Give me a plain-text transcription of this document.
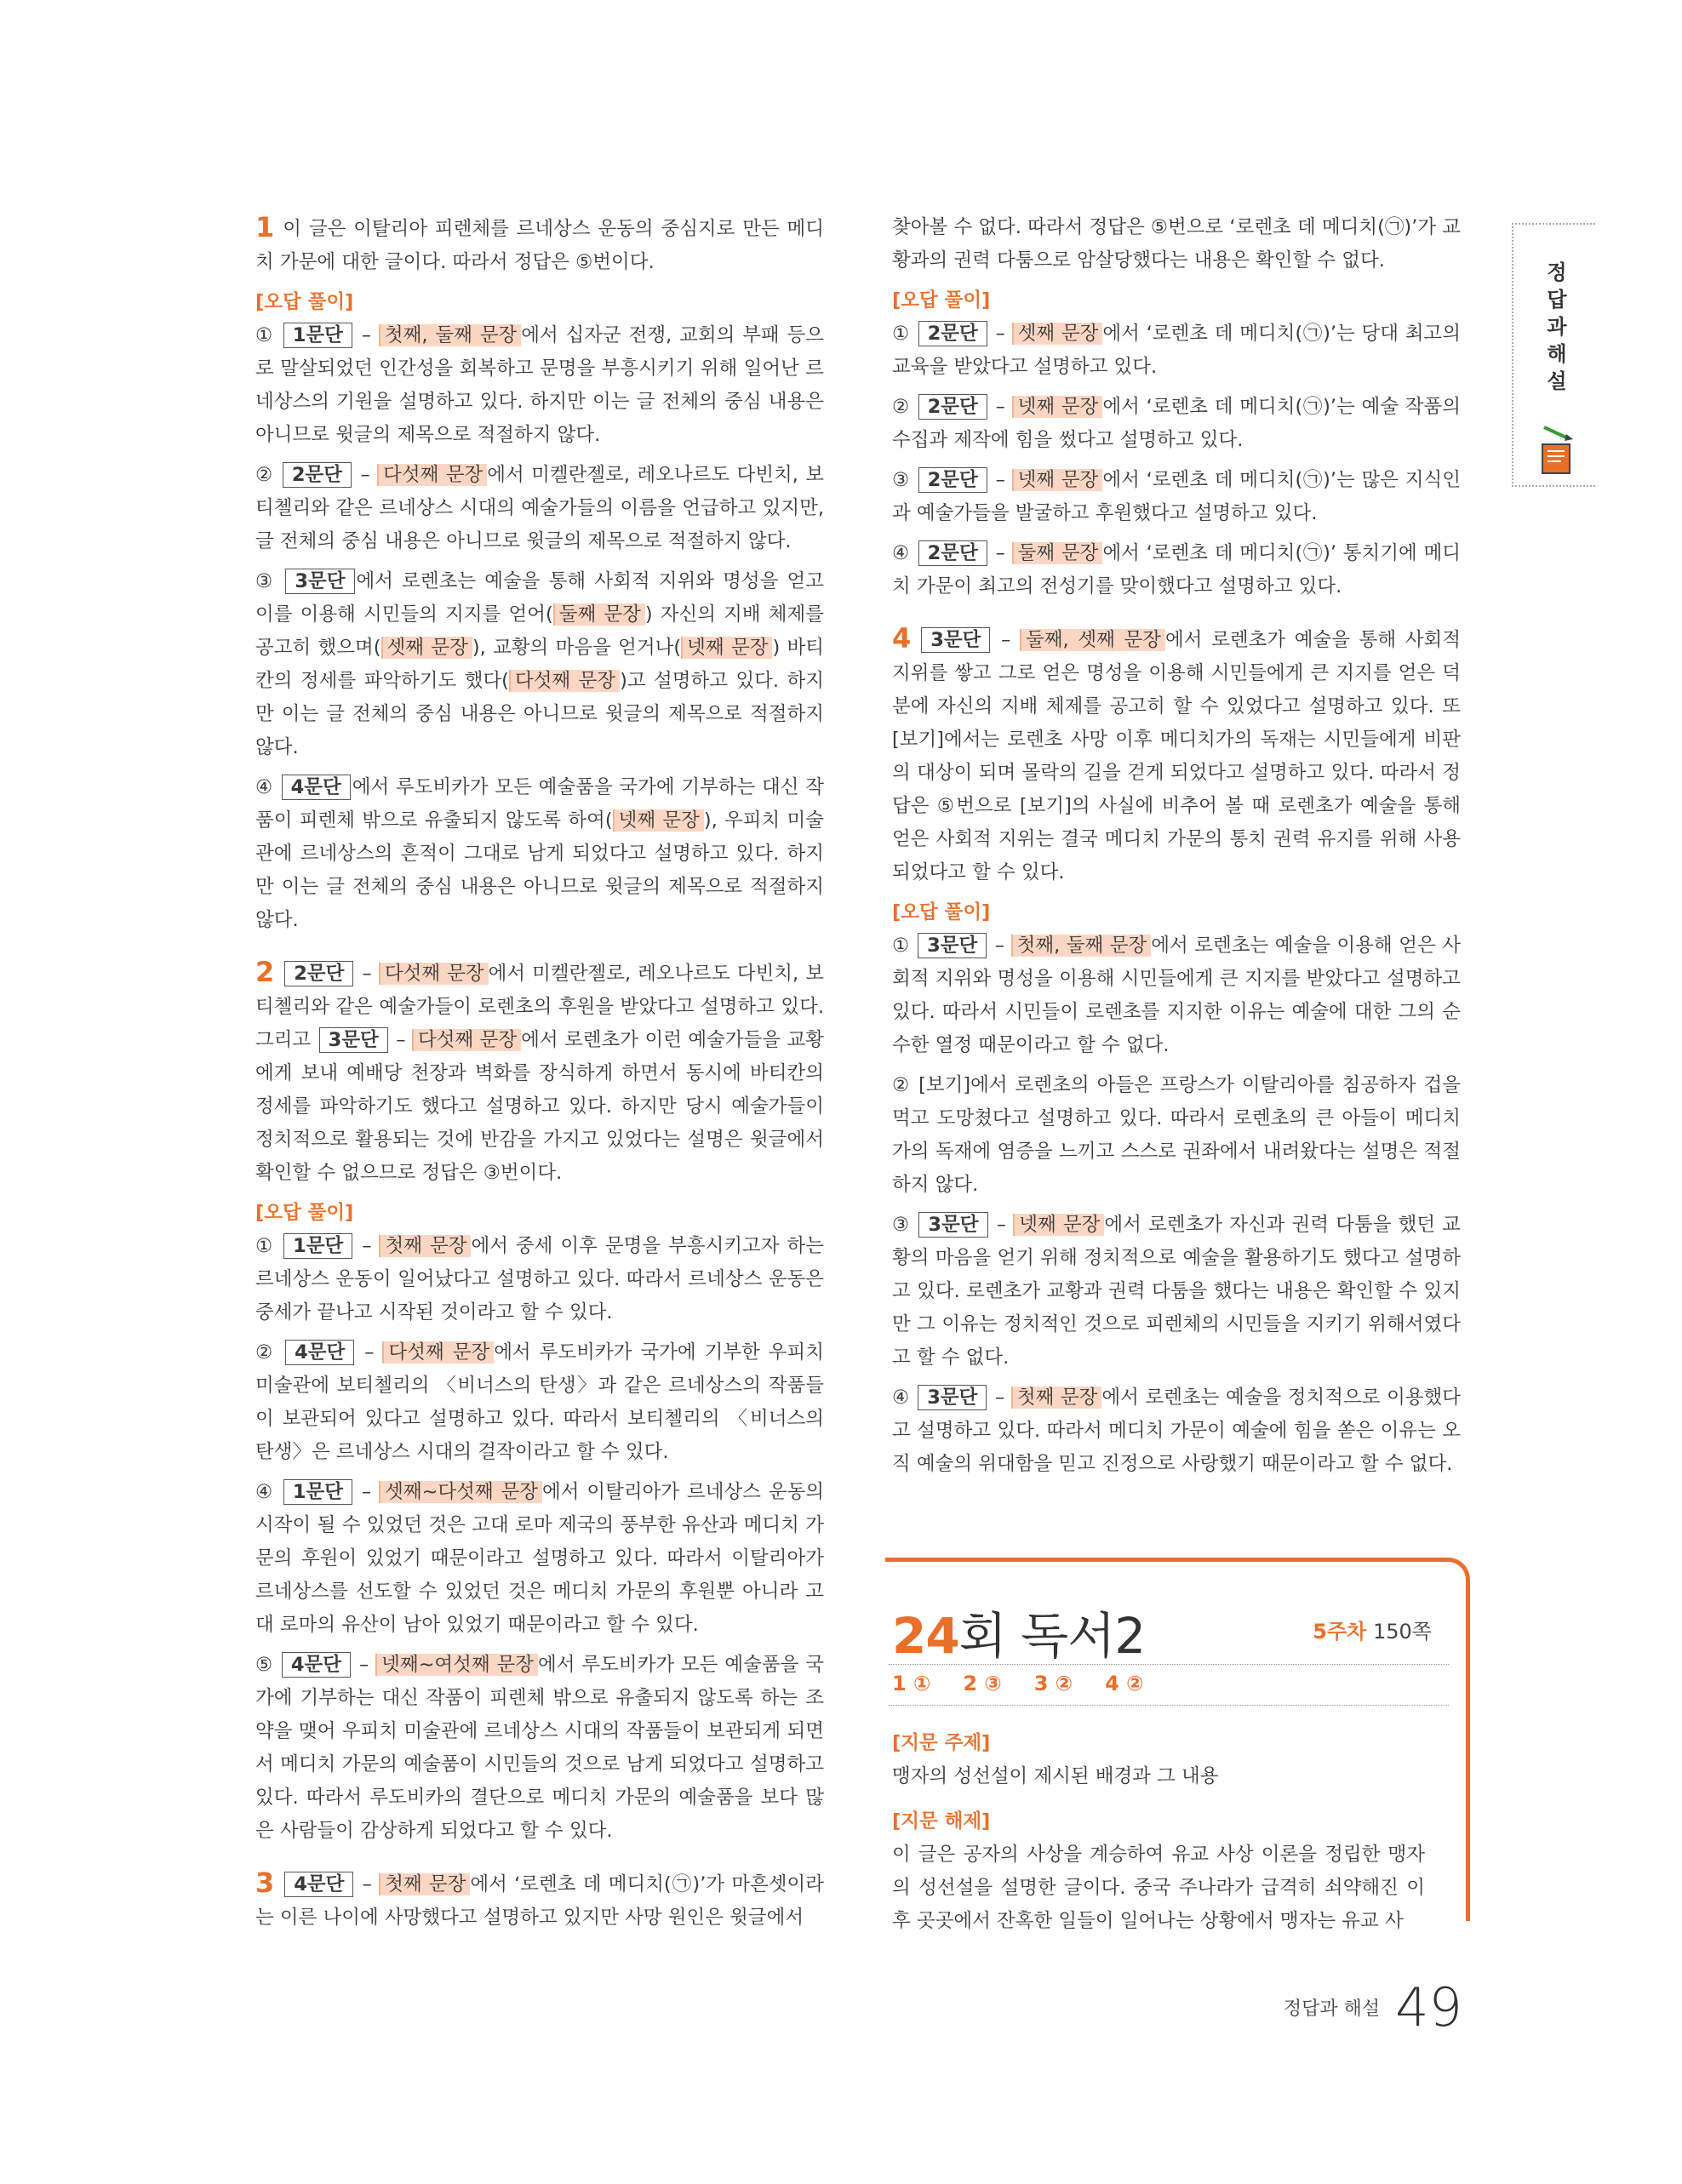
1 이 글은 이탈리아 피렌체를 르네상스 운동의 중심지로 만든 메디치 가문에 대한 글이다. 따라서 정답은 ⑤번이다.

[오답 풀이]

① 1문단 – 첫째, 둘째 문장 에서 십자군 전쟁, 교회의 부패 등으로 말살되었던 인간성을 회복하고 문명을 부흥시키기 위해 일어난 르네상스의 기원을 설명하고 있다. 하지만 이는 글 전체의 중심 내용은 아니므로 윗글의 제목으로 적절하지 않다.

② 2문단 – 다섯째 문장 에서 미켈란젤로, 레오나르도 다빈치, 보티첼리와 같은 르네상스 시대의 예술가들의 이름을 언급하고 있지만, 글 전체의 중심 내용은 아니므로 윗글의 제목으로 적절하지 않다.

③ 3문단 에서 로렌초는 예술을 통해 사회적 지위와 명성을 얻고 이를 이용해 시민들의 지지를 얻어( 둘째 문장 ) 자신의 지배 체제를 공고히 했으며( 셋째 문장 ), 교황의 마음을 얻거나( 넷째 문장 ) 바티칸의 정세를 파악하기도 했다( 다섯째 문장 )고 설명하고 있다. 하지만 이는 글 전체의 중심 내용은 아니므로 윗글의 제목으로 적절하지 않다.

④ 4문단 에서 루도비카가 모든 예술품을 국가에 기부하는 대신 작품이 피렌체 밖으로 유출되지 않도록 하여( 넷째 문장 ), 우피치 미술관에 르네상스의 흔적이 그대로 남게 되었다고 설명하고 있다. 하지만 이는 글 전체의 중심 내용은 아니므로 윗글의 제목으로 적절하지 않다.

2 2문단 – 다섯째 문장 에서 미켈란젤로, 레오나르도 다빈치, 보티첼리와 같은 예술가들이 로렌초의 후원을 받았다고 설명하고 있다. 그리고 3문단 – 다섯째 문장 에서 로렌초가 이런 예술가들을 교황에게 보내 예배당 천장과 벽화를 장식하게 하면서 동시에 바티칸의 정세를 파악하기도 했다고 설명하고 있다. 하지만 당시 예술가들이 정치적으로 활용되는 것에 반감을 가지고 있었다는 설명은 윗글에서 확인할 수 없으므로 정답은 ③번이다.

[오답 풀이]

① 1문단 – 첫째 문장 에서 중세 이후 문명을 부흥시키고자 하는 르네상스 운동이 일어났다고 설명하고 있다. 따라서 르네상스 운동은 중세가 끝나고 시작된 것이라고 할 수 있다.

② 4문단 – 다섯째 문장 에서 루도비카가 국가에 기부한 우피치 미술관에 보티첼리의 〈비너스의 탄생〉과 같은 르네상스의 작품들이 보관되어 있다고 설명하고 있다. 따라서 보티첼리의 〈비너스의 탄생〉은 르네상스 시대의 걸작이라고 할 수 있다.

④ 1문단 – 셋째~다섯째 문장 에서 이탈리아가 르네상스 운동의 시작이 될 수 있었던 것은 고대 로마 제국의 풍부한 유산과 메디치 가문의 후원이 있었기 때문이라고 설명하고 있다. 따라서 이탈리아가 르네상스를 선도할 수 있었던 것은 메디치 가문의 후원뿐 아니라 고대 로마의 유산이 남아 있었기 때문이라고 할 수 있다.

⑤ 4문단 – 넷째~여섯째 문장 에서 루도비카가 모든 예술품을 국가에 기부하는 대신 작품이 피렌체 밖으로 유출되지 않도록 하는 조약을 맺어 우피치 미술관에 르네상스 시대의 작품들이 보관되게 되면서 메디치 가문의 예술품이 시민들의 것으로 남게 되었다고 설명하고 있다. 따라서 루도비카의 결단으로 메디치 가문의 예술품을 보다 많은 사람들이 감상하게 되었다고 할 수 있다.

3 4문단 – 첫째 문장 에서 ‘로렌초 데 메디치(㉠)’가 마흔셋이라는 이른 나이에 사망했다고 설명하고 있지만 사망 원인은 윗글에서

찾아볼 수 없다. 따라서 정답은 ⑤번으로 ‘로렌초 데 메디치(㉠)’가 교황과의 권력 다툼으로 암살당했다는 내용은 확인할 수 없다.

[오답 풀이]

① 2문단 – 셋째 문장 에서 ‘로렌초 데 메디치(㉠)’는 당대 최고의 교육을 받았다고 설명하고 있다.

② 2문단 – 넷째 문장 에서 ‘로렌초 데 메디치(㉠)’는 예술 작품의 수집과 제작에 힘을 썼다고 설명하고 있다.

③ 2문단 – 넷째 문장 에서 ‘로렌초 데 메디치(㉠)’는 많은 지식인과 예술가들을 발굴하고 후원했다고 설명하고 있다.

④ 2문단 – 둘째 문장 에서 ‘로렌초 데 메디치(㉠)’ 통치기에 메디치 가문이 최고의 전성기를 맞이했다고 설명하고 있다.

4 3문단 – 둘째, 셋째 문장 에서 로렌초가 예술을 통해 사회적 지위를 쌓고 그로 얻은 명성을 이용해 시민들에게 큰 지지를 얻은 덕분에 자신의 지배 체제를 공고히 할 수 있었다고 설명하고 있다. 또 [보기]에서는 로렌초 사망 이후 메디치가의 독재는 시민들에게 비판의 대상이 되며 몰락의 길을 걷게 되었다고 설명하고 있다. 따라서 정답은 ⑤번으로 [보기]의 사실에 비추어 볼 때 로렌초가 예술을 통해 얻은 사회적 지위는 결국 메디치 가문의 통치 권력 유지를 위해 사용되었다고 할 수 있다.

[오답 풀이]

① 3문단 – 첫째, 둘째 문장 에서 로렌초는 예술을 이용해 얻은 사회적 지위와 명성을 이용해 시민들에게 큰 지지를 받았다고 설명하고 있다. 따라서 시민들이 로렌초를 지지한 이유는 예술에 대한 그의 순수한 열정 때문이라고 할 수 없다.

② [보기]에서 로렌초의 아들은 프랑스가 이탈리아를 침공하자 겁을 먹고 도망쳤다고 설명하고 있다. 따라서 로렌초의 큰 아들이 메디치가의 독재에 염증을 느끼고 스스로 권좌에서 내려왔다는 설명은 적절하지 않다.

③ 3문단 – 넷째 문장 에서 로렌초가 자신과 권력 다툼을 했던 교황의 마음을 얻기 위해 정치적으로 예술을 활용하기도 했다고 설명하고 있다. 로렌초가 교황과 권력 다툼을 했다는 내용은 확인할 수 있지만 그 이유는 정치적인 것으로 피렌체의 시민들을 지키기 위해서였다고 할 수 없다.

④ 3문단 – 첫째 문장 에서 로렌초는 예술을 정치적으로 이용했다고 설명하고 있다. 따라서 메디치 가문이 예술에 힘을 쏟은 이유는 오직 예술의 위대함을 믿고 진정으로 사랑했기 때문이라고 할 수 없다.

정답과해설
24회 독서2	5주차 150쪽
1 ① 2 ③ 3 ② 4 ②
[지문 주제]
맹자의 성선설이 제시된 배경과 그 내용
[지문 해제]
이 글은 공자의 사상을 계승하여 유교 사상 이론을 정립한 맹자의 성선설을 설명한 글이다. 중국 주나라가 급격히 쇠약해진 이후 곳곳에서 잔혹한 일들이 일어나는 상황에서 맹자는 유교 사
정답과 해설 49
